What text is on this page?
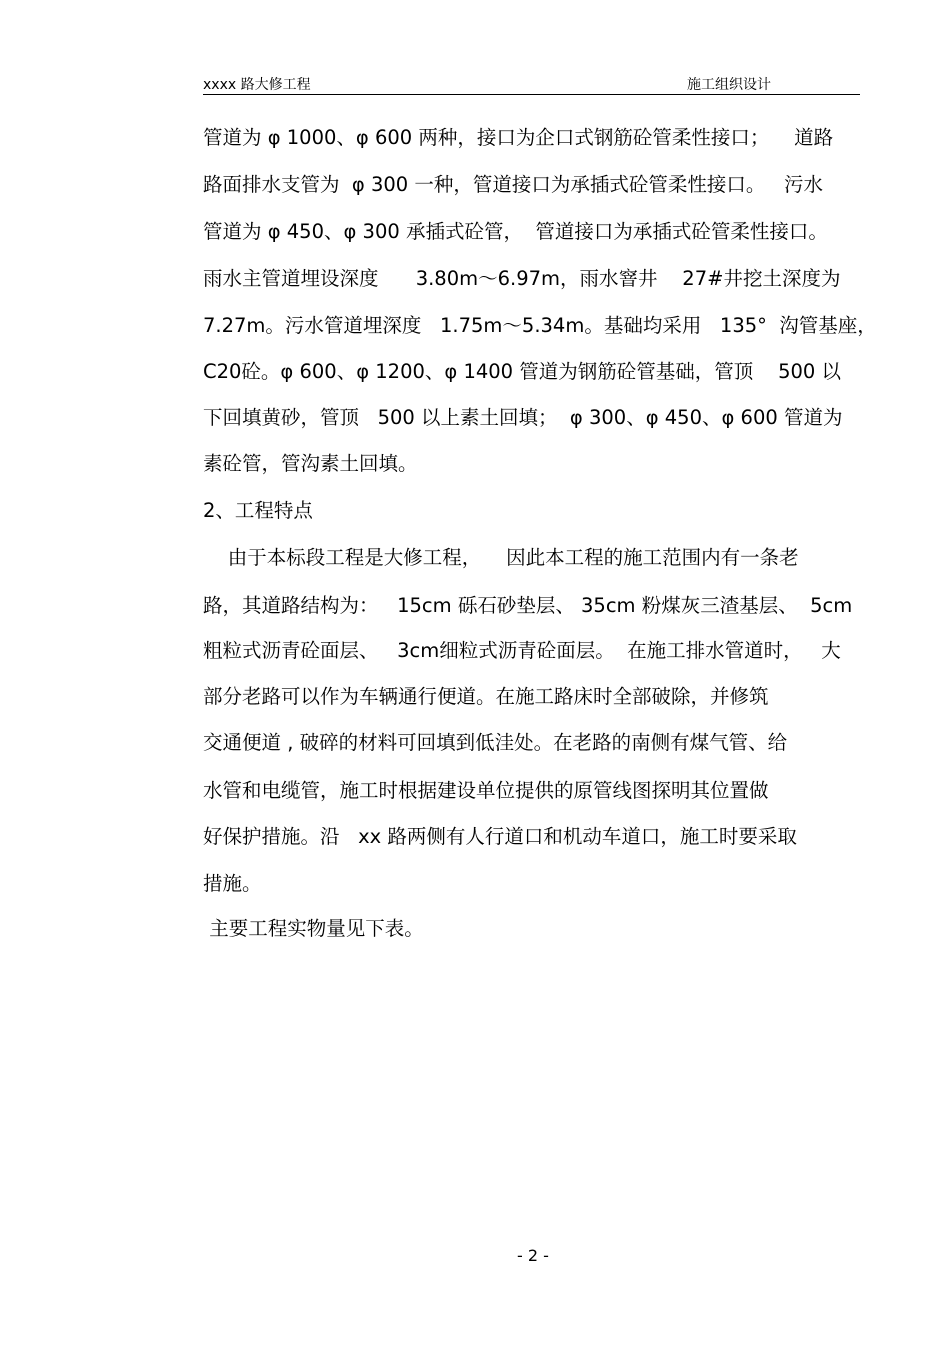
xxxx 路大修工程	施工组织设计
管道为 φ 1000、φ 600 两种，接口为企口式钢筋砼管柔性接口；    道路
路面排水支管为  φ 300 一种，管道接口为承插式砼管柔性接口。   污水
管道为 φ 450、φ 300 承插式砼管，  管道接口为承插式砼管柔性接口。
雨水主管道埋设深度      3.80m～6.97m，雨水窨井    27#井挖土深度为
7.27m。污水管道埋深度   1.75m～5.34m。基础均采用   135°  沟管基座，
C20砼。φ 600、φ 1200、φ 1400 管道为钢筋砼管基础，管顶    500 以
下回填黄砂，管顶   500 以上素土回填；  φ 300、φ 450、φ 600 管道为
素砼管，管沟素土回填。
2、工程特点
由于本标段工程是大修工程，    因此本工程的施工范围内有一条老
路，其道路结构为：   15cm 砾石砂垫层、 35cm 粉煤灰三渣基层、  5cm
粗粒式沥青砼面层、   3cm细粒式沥青砼面层。  在施工排水管道时，   大
部分老路可以作为车辆通行便道。在施工路床时全部破除，并修筑
交通便道 , 破碎的材料可回填到低洼处。在老路的南侧有煤气管、给
水管和电缆管，施工时根据建设单位提供的原管线图探明其位置做
好保护措施。沿   xx 路两侧有人行道口和机动车道口，施工时要采取
措施。
主要工程实物量见下表。
- 2 -
